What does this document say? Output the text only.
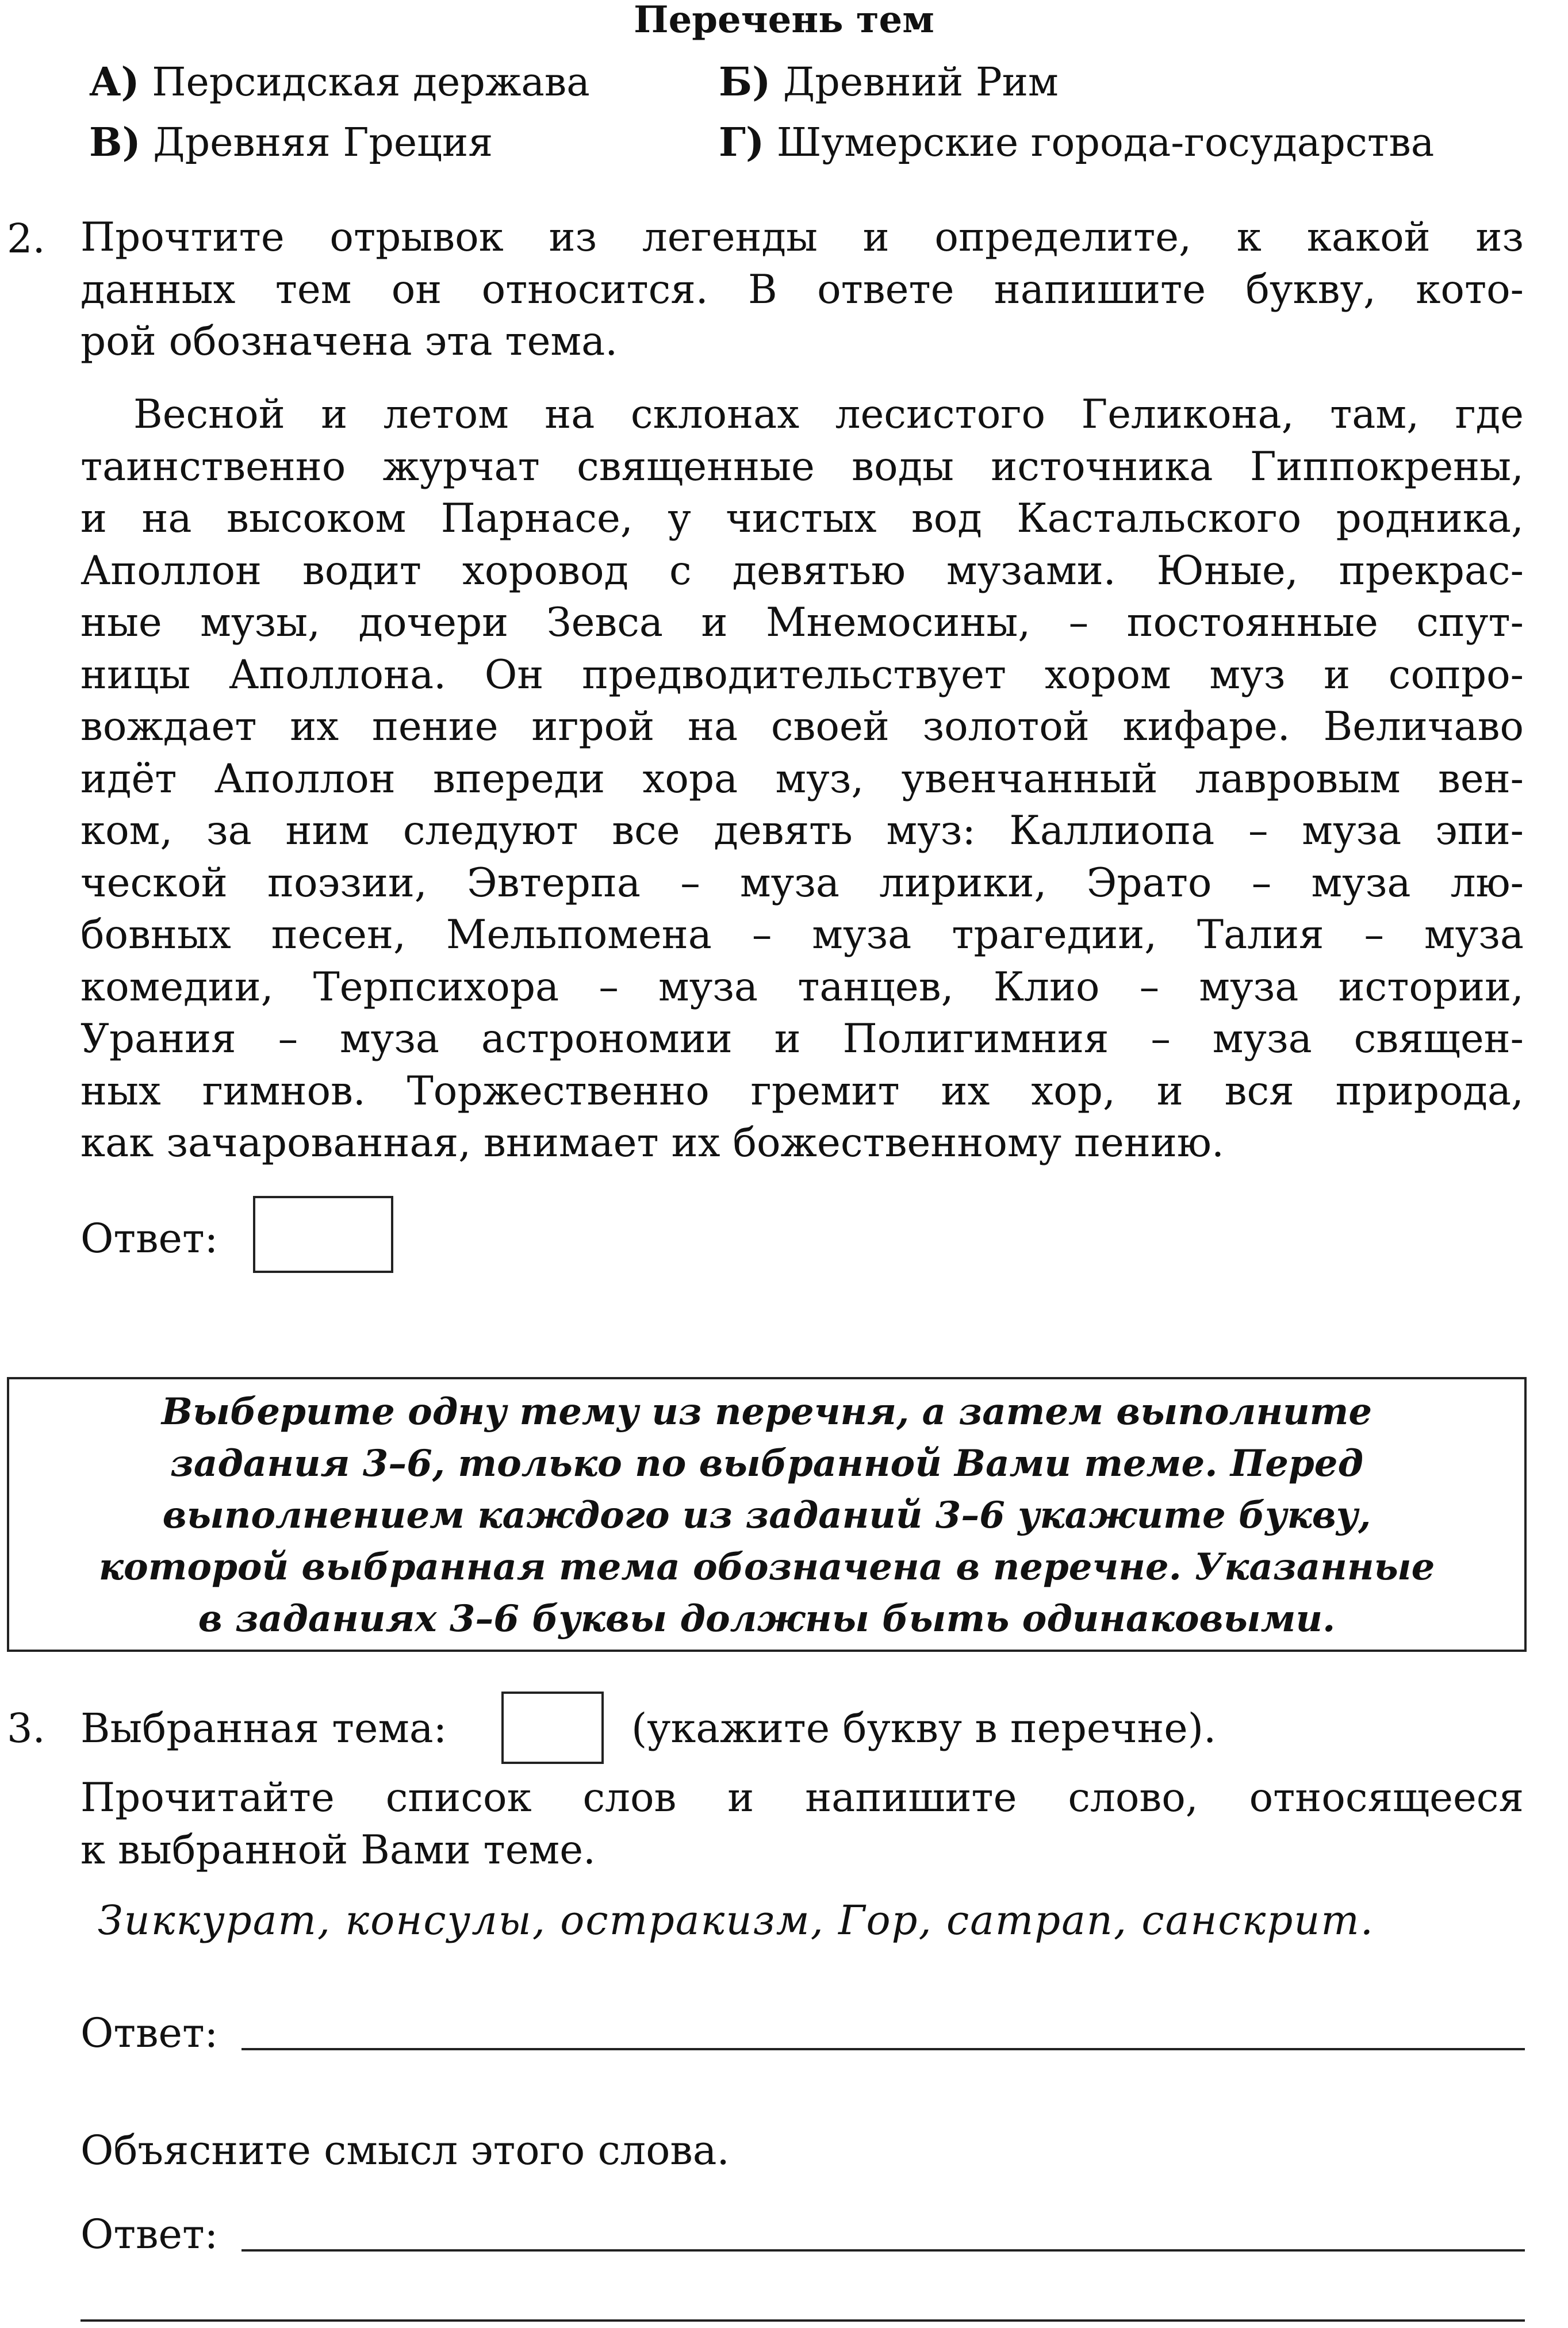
Перечень тем
А) Персидская держава	Б) Древний Рим
В) Древняя Греция	Г) Шумерские города-государства
2. Прочтите отрывок из легенды и определите, к какой из
данных тем он относится. В ответе напишите букву, кото-
рой обозначена эта тема.
Весной и летом на склонах лесистого Геликона, там, где
таинственно журчат священные воды источника Гиппокрены,
и на высоком Парнасе, у чистых вод Кастальского родника,
Аполлон водит хоровод с девятью музами. Юные, прекрас-
ные музы, дочери Зевса и Мнемосины, – постоянные спут-
ницы Аполлона. Он предводительствует хором муз и сопро-
вождает их пение игрой на своей золотой кифаре. Величаво
идёт Аполлон впереди хора муз, увенчанный лавровым вен-
ком, за ним следуют все девять муз: Каллиопа – муза эпи-
ческой поэзии, Эвтерпа – муза лирики, Эрато – муза лю-
бовных песен, Мельпомена – муза трагедии, Талия – муза
комедии, Терпсихора – муза танцев, Клио – муза истории,
Урания – муза астрономии и Полигимния – муза священ-
ных гимнов. Торжественно гремит их хор, и вся природа,
как зачарованная, внимает их божественному пению.
Ответ:
Выберите одну тему из перечня, а затем выполните
задания 3–6, только по выбранной Вами теме. Перед
выполнением каждого из заданий 3–6 укажите букву,
которой выбранная тема обозначена в перечне. Указанные
в заданиях 3–6 буквы должны быть одинаковыми.
3. Выбранная тема:	(укажите букву в перечне).
Прочитайте список слов и напишите слово, относящееся
к выбранной Вами теме.
Зиккурат, консулы, остракизм, Гор, сатрап, санскрит.
Ответ:
Объясните смысл этого слова.
Ответ:
